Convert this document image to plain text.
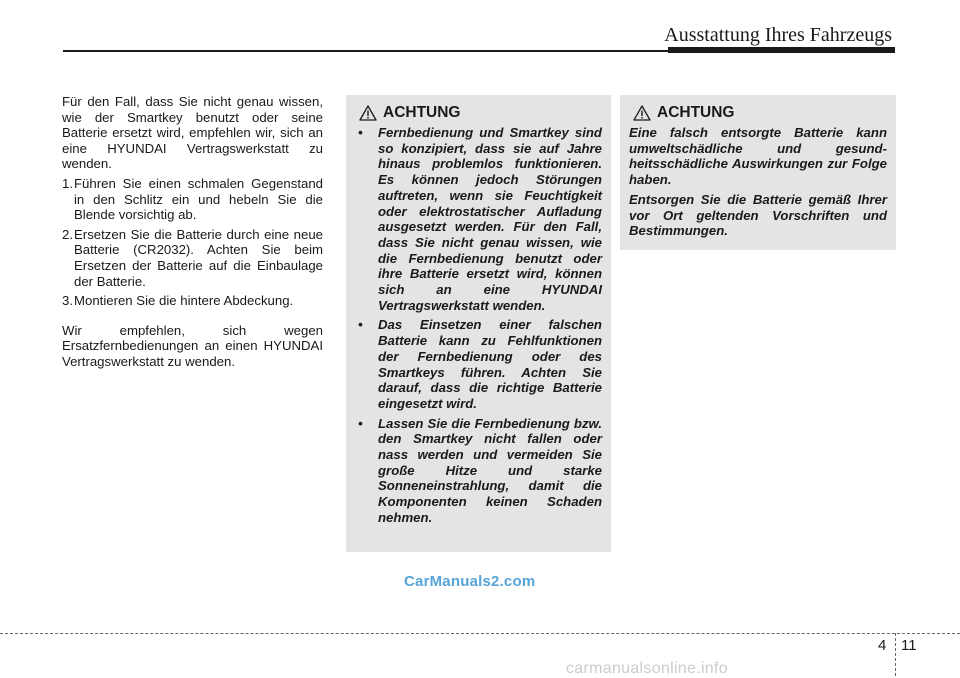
Ausstattung Ihres Fahrzeugs

Für den Fall, dass Sie nicht genau wissen, wie der Smartkey benutzt oder seine Batterie ersetzt wird, empfehlen wir, sich an eine HYUNDAI Vertragswerkstatt zu wenden.

1.Führen Sie einen schmalen Gegenstand in den Schlitz ein und hebeln Sie die Blende vorsichtig ab.
2.Ersetzen Sie die Batterie durch eine neue Batterie (CR2032). Achten Sie beim Ersetzen der Batterie auf die Einbaulage der Batterie.
3.Montieren Sie die hintere Abdeckung.

Wir empfehlen, sich wegen Ersatzfernbedienungen an einen HYUNDAI Vertragswerkstatt zu wenden.

ACHTUNG
• Fernbedienung und Smartkey sind so konzipiert, dass sie auf Jahre hinaus problemlos funktionieren. Es können jedoch Störungen auftreten, wenn sie Feuchtigkeit oder elektrostatischer Aufladung ausgesetzt werden. Für den Fall, dass Sie nicht genau wissen, wie die Fernbedienung benutzt oder ihre Batterie ersetzt wird, können sich an eine HYUNDAI Vertragswerkstatt wenden.
• Das Einsetzen einer falschen Batterie kann zu Fehlfunktionen der Fernbedienung oder des Smartkeys führen. Achten Sie darauf, dass die richtige Batterie eingesetzt wird.
• Lassen Sie die Fernbedienung bzw. den Smartkey nicht fallen oder nass werden und vermeiden Sie große Hitze und starke Sonneneinstrahlung, damit die Komponenten keinen Schaden nehmen.
ACHTUNG

Eine falsch entsorgte Batterie kann umweltschädliche und gesund- heitsschädliche Auswirkungen zur Folge haben.

Entsorgen Sie die Batterie gemäß Ihrer vor Ort geltenden Vorschriften und Bestimmungen.

CarManuals2.com
4 11
carmanualsonline.info
